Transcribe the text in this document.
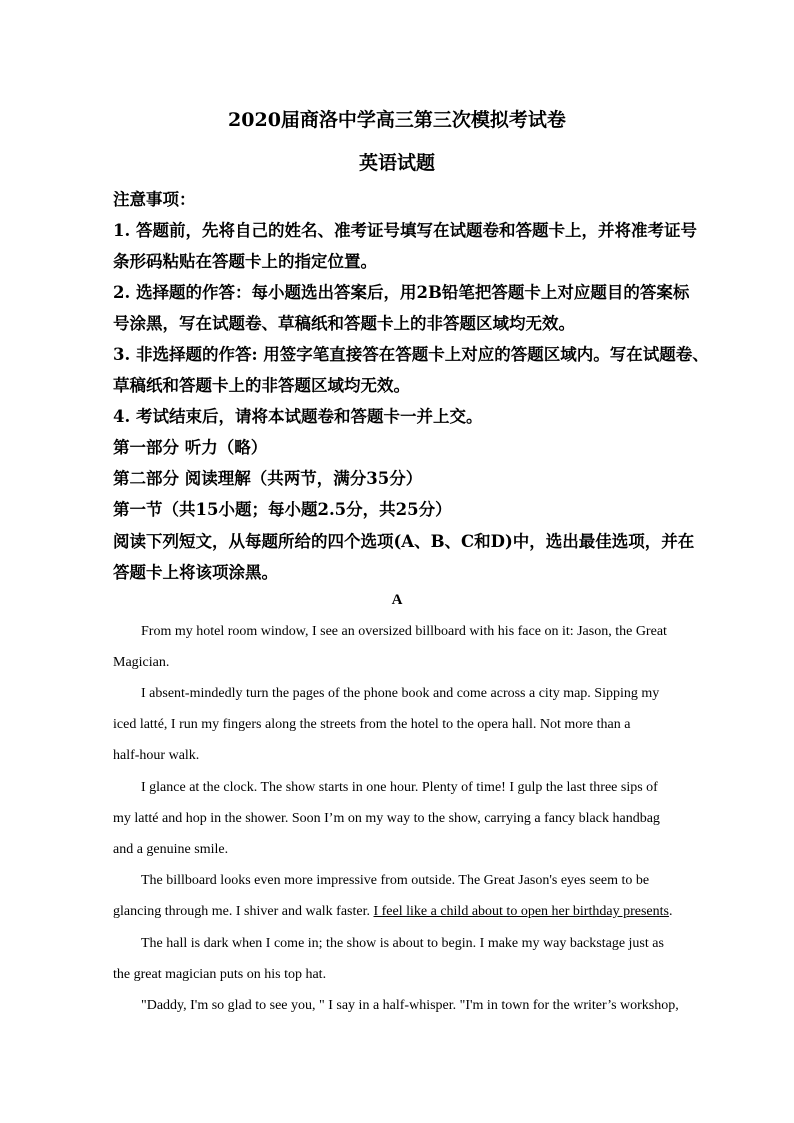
2020届商洛中学高三第三次模拟考试卷
英语试题
注意事项：
1. 答题前，先将自己的姓名、准考证号填写在试题卷和答题卡上，并将准考证号
条形码粘贴在答题卡上的指定位置。
2. 选择题的作答：每小题选出答案后，用2B铅笔把答题卡上对应题目的答案标
号涂黑，写在试题卷、草稿纸和答题卡上的非答题区域均无效。
3. 非选择题的作答: 用签字笔直接答在答题卡上对应的答题区域内。写在试题卷、
草稿纸和答题卡上的非答题区域均无效。
4. 考试结束后，请将本试题卷和答题卡一并上交。
第一部分 听力（略）
第二部分 阅读理解（共两节，满分35分）
第一节（共15小题；每小题2.5分，共25分）
阅读下列短文，从每题所给的四个选项(A、B、C和D)中，选出最佳选项，并在
答题卡上将该项涂黑。
A
From my hotel room window, I see an oversized billboard with his face on it: Jason, the Great
Magician.
I absent-mindedly turn the pages of the phone book and come across a city map. Sipping my
iced latté, I run my fingers along the streets from the hotel to the opera hall. Not more than a
half-hour walk.
I glance at the clock. The show starts in one hour. Plenty of time! I gulp the last three sips of
my latté and hop in the shower. Soon I’m on my way to the show, carrying a fancy black handbag
and a genuine smile.
The billboard looks even more impressive from outside. The Great Jason's eyes seem to be
glancing through me. I shiver and walk faster. I feel like a child about to open her birthday presents.
The hall is dark when I come in; the show is about to begin. I make my way backstage just as
the great magician puts on his top hat.
"Daddy, I'm so glad to see you, " I say in a half-whisper. "I'm in town for the writer’s workshop,
